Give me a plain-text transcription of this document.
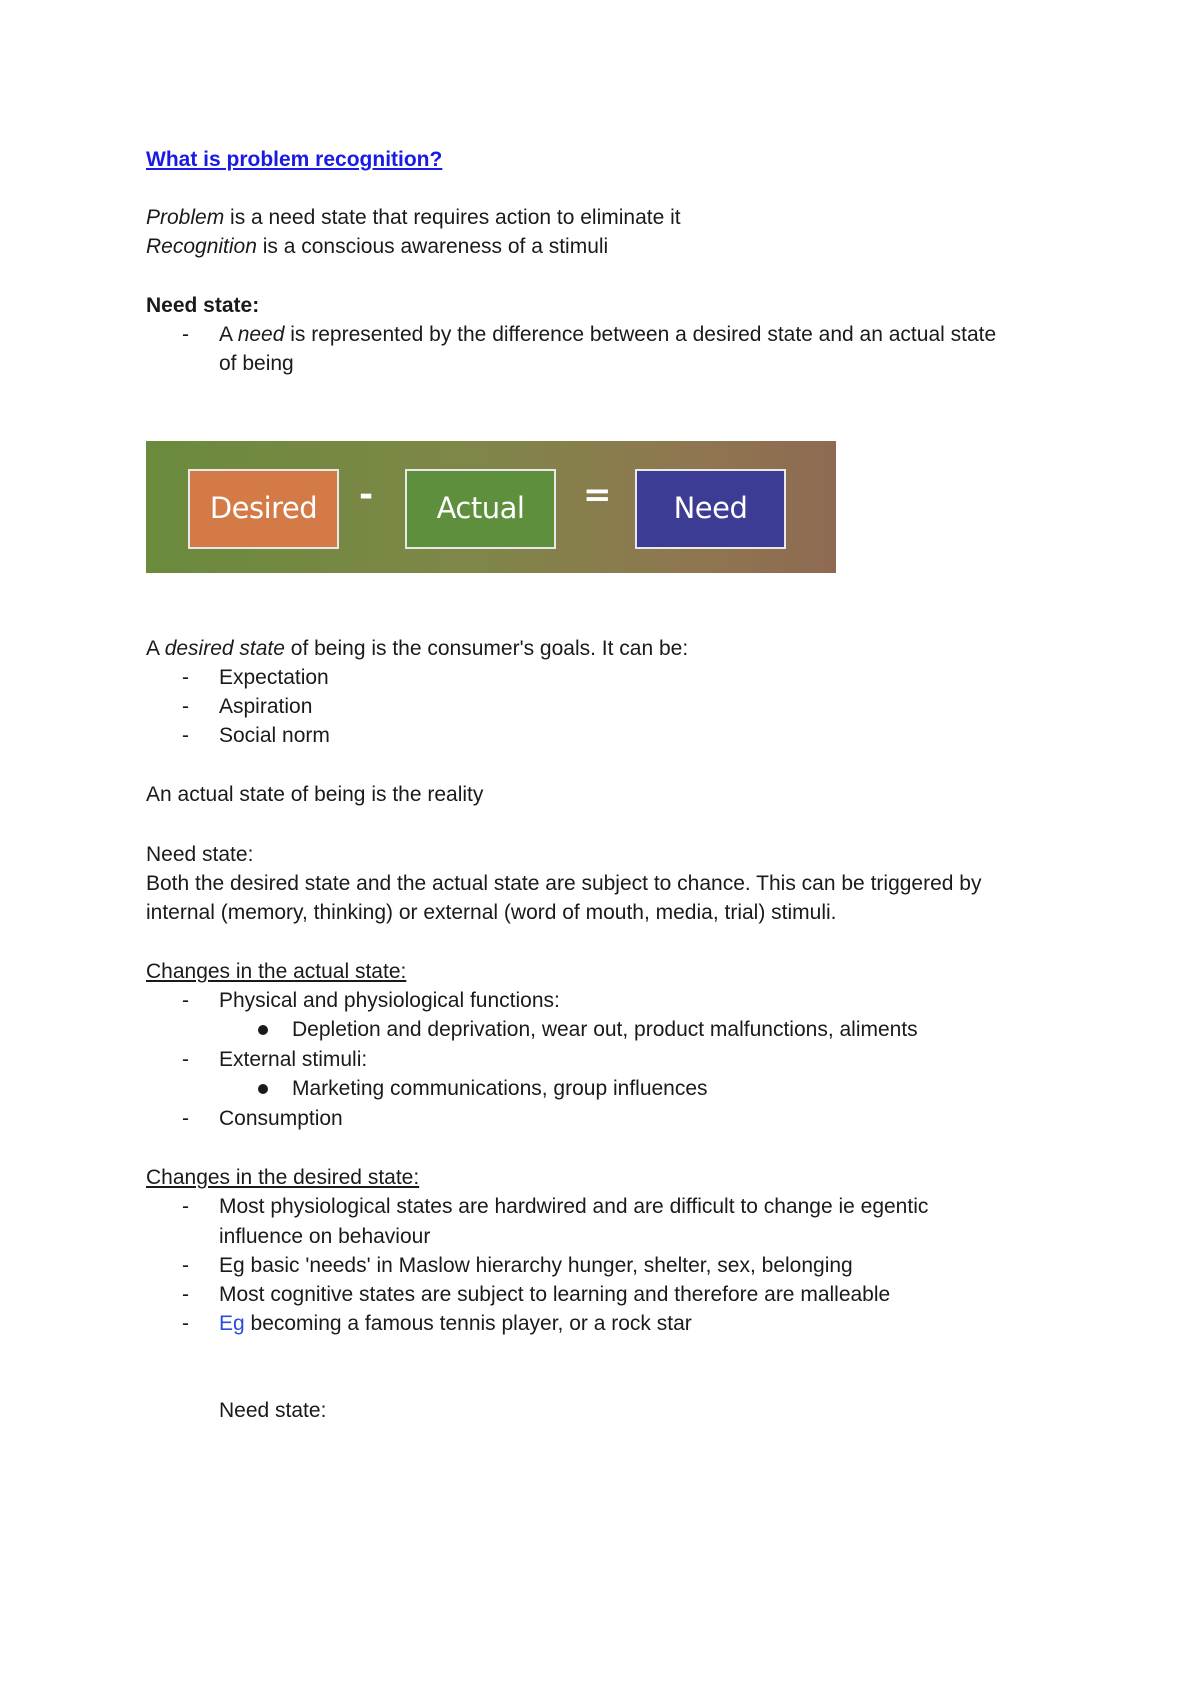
What is problem recognition?
Problem is a need state that requires action to eliminate it
Recognition is a conscious awareness of a stimuli
Need state:
-	A need is represented by the difference between a desired state and an actual state
of being
Desired	-	Actual	=	Need
A desired state of being is the consumer's goals. It can be:
-	Expectation
-	Aspiration
-	Social norm
An actual state of being is the reality
Need state:
Both the desired state and the actual state are subject to chance. This can be triggered by
internal (memory, thinking) or external (word of mouth, media, trial) stimuli.
Changes in the actual state:
-	Physical and physiological functions:
Depletion and deprivation, wear out, product malfunctions, aliments
-	External stimuli:
Marketing communications, group influences
-	Consumption
Changes in the desired state:
-	Most physiological states are hardwired and are difficult to change ie egentic
influence on behaviour
-	Eg basic 'needs' in Maslow hierarchy hunger, shelter, sex, belonging
-	Most cognitive states are subject to learning and therefore are malleable
-	Eg becoming a famous tennis player, or a rock star
Need state:
